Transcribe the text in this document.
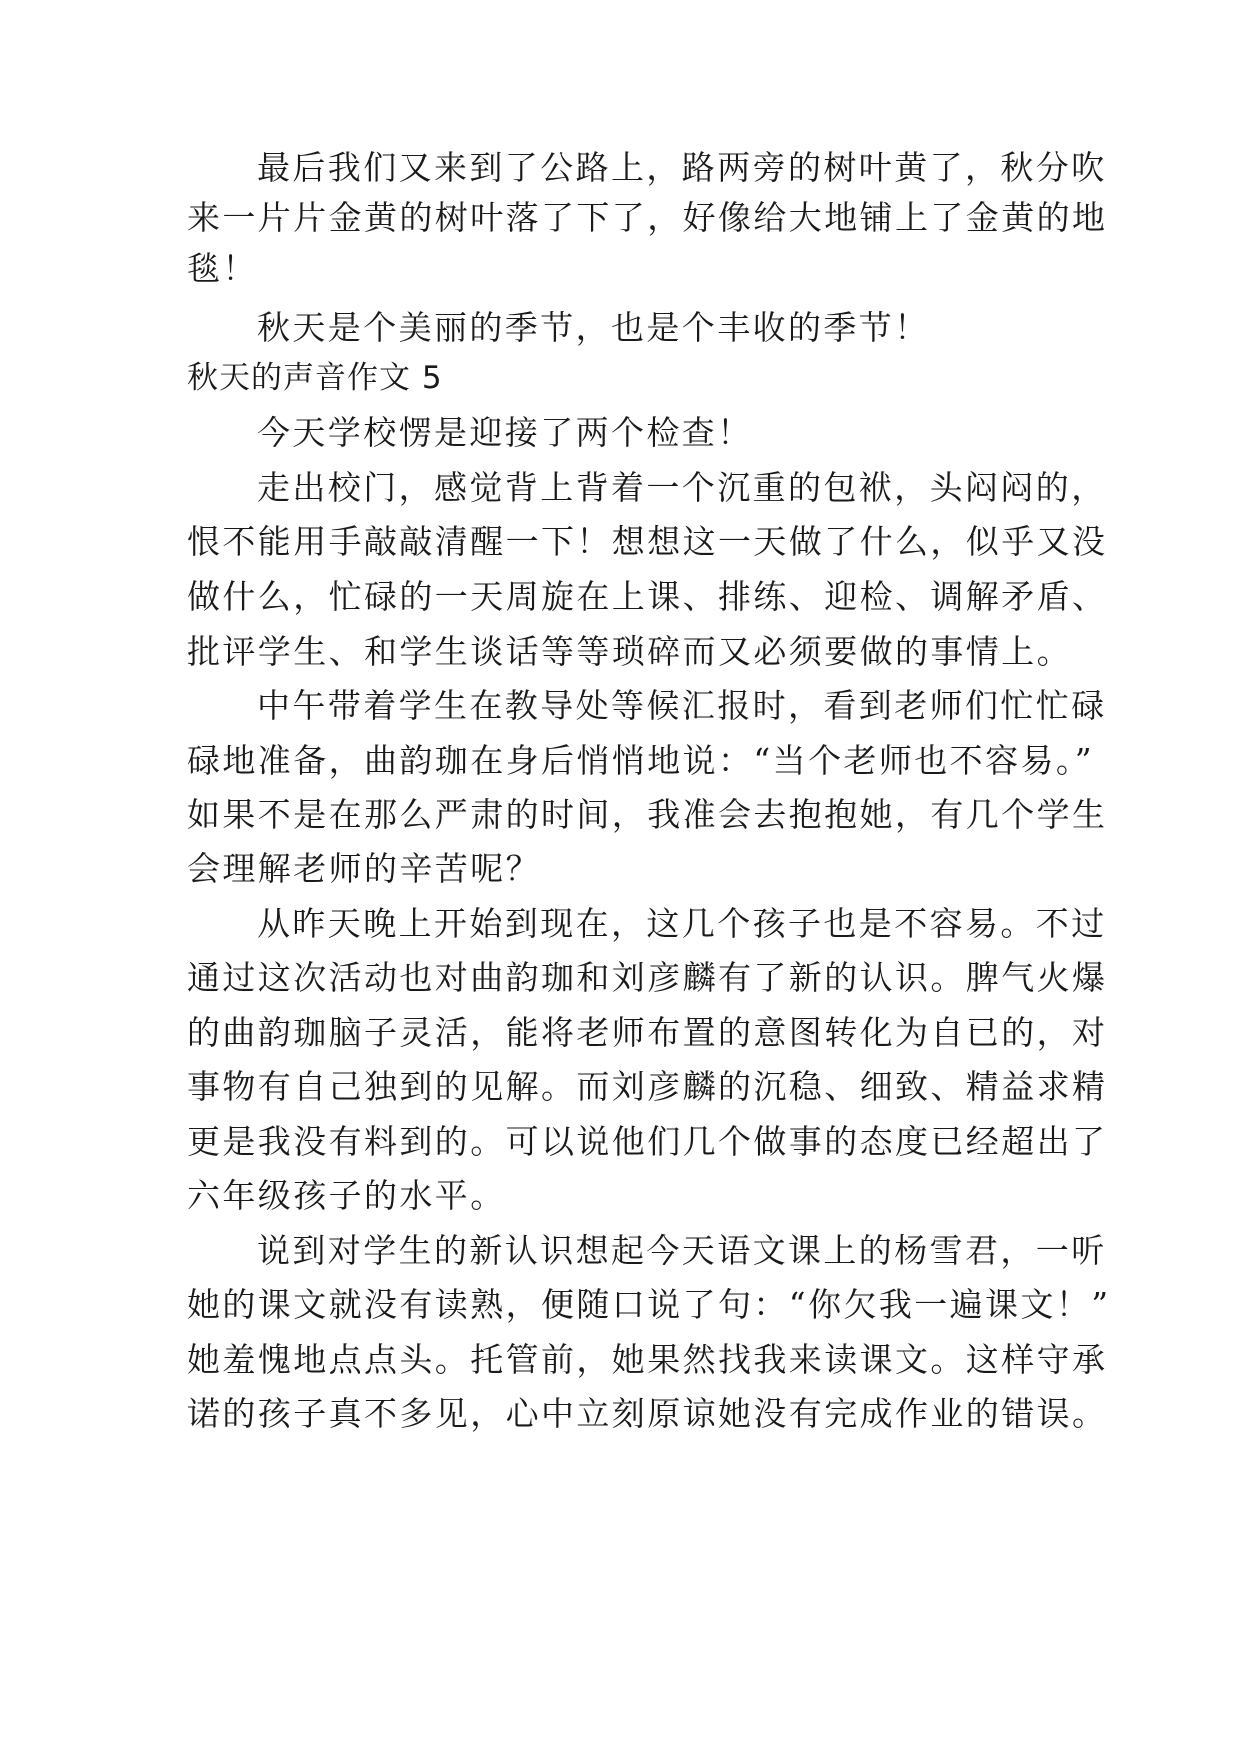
最后我们又来到了公路上，路两旁的树叶黄了，秋分吹
来一片片金黄的树叶落了下了，好像给大地铺上了金黄的地
毯！
秋天是个美丽的季节，也是个丰收的季节！
秋天的声音作文 5
今天学校愣是迎接了两个检查！
走出校门，感觉背上背着一个沉重的包袱，头闷闷的，
恨不能用手敲敲清醒一下！想想这一天做了什么，似乎又没
做什么，忙碌的一天周旋在上课、排练、迎检、调解矛盾、
批评学生、和学生谈话等等琐碎而又必须要做的事情上。
中午带着学生在教导处等候汇报时，看到老师们忙忙碌
碌地准备，曲韵珈在身后悄悄地说：“当个老师也不容易。”
如果不是在那么严肃的时间，我准会去抱抱她，有几个学生
会理解老师的辛苦呢？
从昨天晚上开始到现在，这几个孩子也是不容易。不过
通过这次活动也对曲韵珈和刘彦麟有了新的认识。脾气火爆
的曲韵珈脑子灵活，能将老师布置的意图转化为自已的，对
事物有自己独到的见解。而刘彦麟的沉稳、细致、精益求精
更是我没有料到的。可以说他们几个做事的态度已经超出了
六年级孩子的水平。
说到对学生的新认识想起今天语文课上的杨雪君，一听
她的课文就没有读熟，便随口说了句：“你欠我一遍课文！”
她羞愧地点点头。托管前，她果然找我来读课文。这样守承
诺的孩子真不多见，心中立刻原谅她没有完成作业的错误。
